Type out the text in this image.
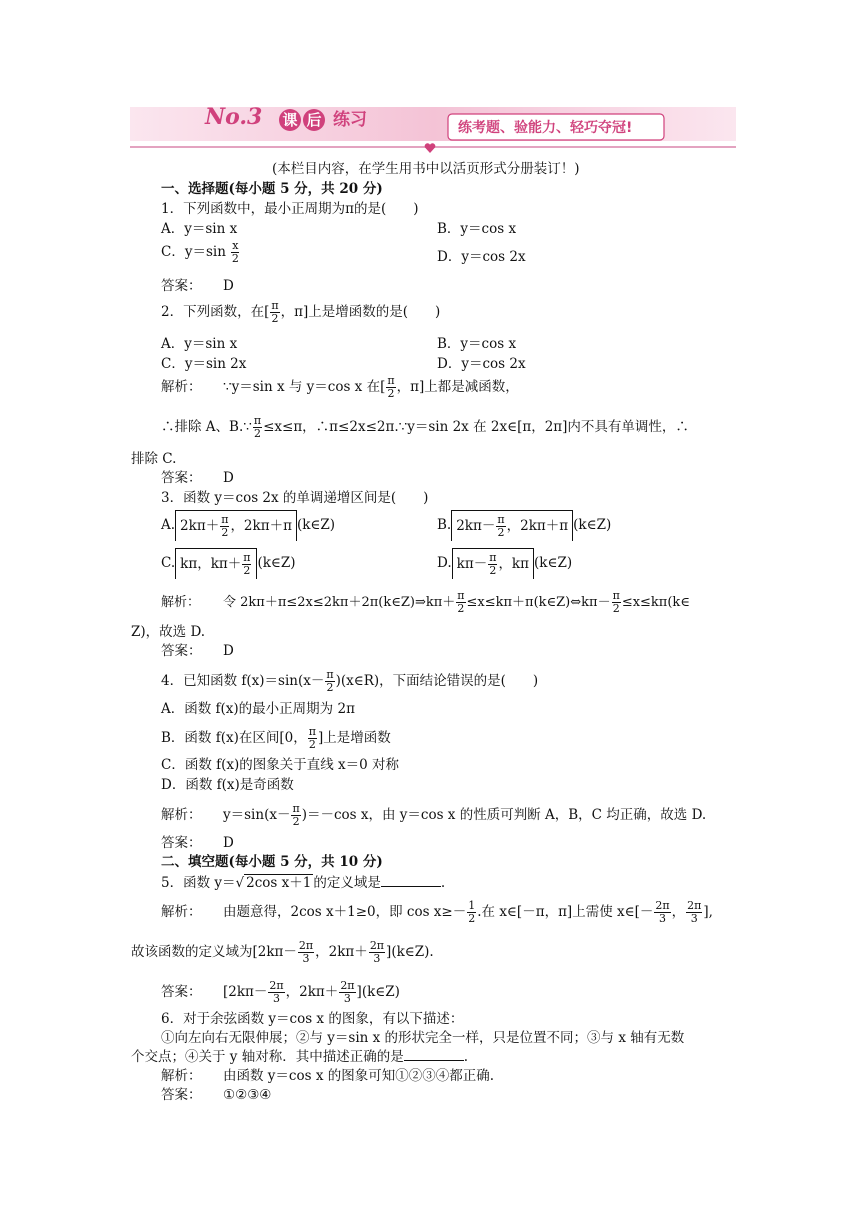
No.3 课 后 练习	练考题、验能力、轻巧夺冠!
(本栏目内容，在学生用书中以活页形式分册装订！)
一、选择题(每小题 5 分，共 20 分)
1．下列函数中，最小正周期为π的是(　　)
A．y＝sin x	B．y＝cos x
C．$y=\sin \frac{x}{2}$	D．y＝cos 2x
答案： D
2．下列函数，在[ $\frac{\pi}{2}$ ，π]上是增函数的是(　　)
A．y＝sin x	B．y＝cos x
C．y＝sin 2x	D．y＝cos 2x
解析： ∵y＝sin x 与 y＝cos x 在[ $\frac{\pi}{2}$ ，π]上都是减函数，
∴排除 A、B.∵ $\frac{\pi}{2} \le x\le\pi$，∴π≤2x≤2π.∵y＝sin 2x 在 2x∈[π，2π]内不具有单调性，∴
排除 C.
答案： D
3．函数 y＝cos 2x 的单调递增区间是(　　)
A. $2k\pi+ \frac{\pi}{2}$ ，2kπ＋π (k∈Z)	B. $2k\pi- \frac{\pi}{2}$ ，2kπ＋π (k∈Z)
C. kπ，$k\pi+ \frac{\pi}{2}$ (k∈Z)	D. $k\pi- \frac{\pi}{2}$ ，kπ (k∈Z)
解析： 令 2kπ＋π≤2x≤2kπ＋2π(k∈Z)⇒kπ＋ $\frac{\pi}{2}$ ≤x≤kπ＋π(k∈Z)⇔kπ－ $\frac{\pi}{2}$ ≤x≤kπ(k∈
Z)，故选 D.
答案： D
4．已知函数 $f(x)=\sin(x- \frac{\pi}{2}$ )(x∈R)，下面结论错误的是(　　)
A．函数 f(x)的最小正周期为 2π
B．函数 f(x)在区间[0， $\frac{\pi}{2}$ ]上是增函数
C．函数 f(x)的图象关于直线 x＝0 对称
D．函数 f(x)是奇函数
解析： $y=\sin(x- \frac{\pi}{2} )=-\cos$ x，由 y＝cos x 的性质可判断 A，B，C 均正确，故选 D.
答案： D
二、填空题(每小题 5 分，共 10 分)
5．函数 y＝√ 2cos x＋1 的定义域是	.
解析： 由题意得，2cos x＋1≥0，即 $\cos x\ge- \frac{1}{2}$ .在 x∈[－π，π]上需使 x∈[－ $\frac{2\pi}{3}$ ， $\frac{2\pi}{3}$ ],
故该函数的定义域为[$2k\pi- \frac{2\pi}{3}$ ，$2k\pi+ \frac{2\pi}{3}$ ](k∈Z).
答案： [$2k\pi- \frac{2\pi}{3}$ ，$2k\pi+ \frac{2\pi}{3}$ ](k∈Z)
6．对于余弦函数 y＝cos x 的图象，有以下描述：
①向左向右无限伸展；②与 y＝sin x 的形状完全一样，只是位置不同；③与 x 轴有无数
个交点；④关于 y 轴对称．其中描述正确的是	.
解析： 由函数 y＝cos x 的图象可知①②③④都正确.
答案： ①②③④
